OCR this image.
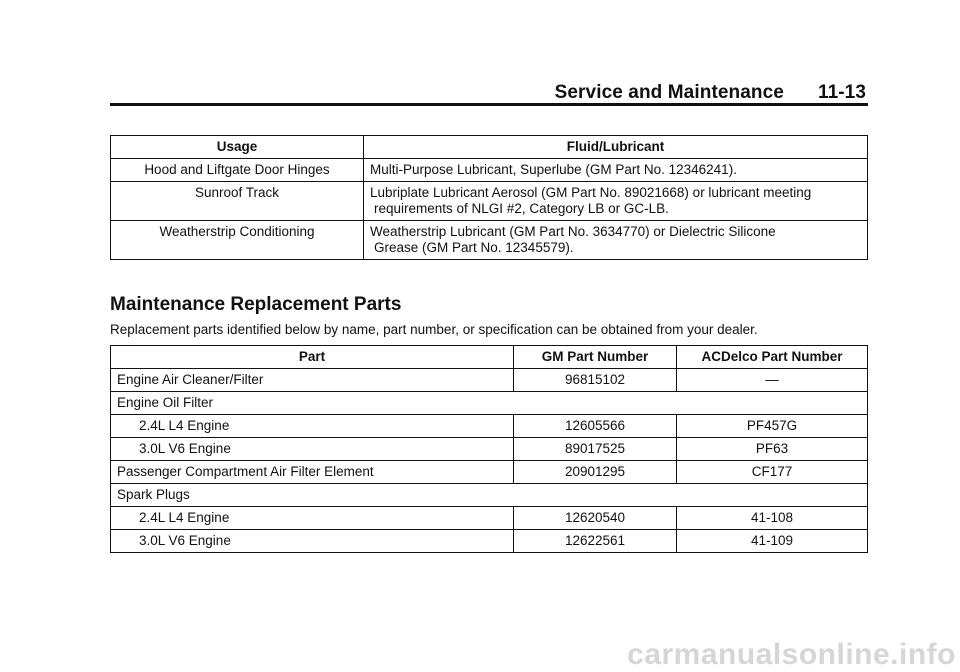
Service and Maintenance 11-13
Usage	Fluid/Lubricant
Hood and Liftgate Door Hinges	Multi-Purpose Lubricant, Superlube (GM Part No. 12346241).

Sunroof Track	Lubriplate Lubricant Aerosol (GM Part No. 89021668) or lubricant meeting
requirements of NLGI #2, Category LB or GC-LB.

Weatherstrip Conditioning	Weatherstrip Lubricant (GM Part No. 3634770) or Dielectric Silicone
Grease (GM Part No. 12345579).
Maintenance Replacement Parts
Replacement parts identified below by name, part number, or specification can be obtained from your dealer.
Part	GM Part Number	ACDelco Part Number
Engine Air Cleaner/Filter	96815102	—
Engine Oil Filter		
2.4L L4 Engine	12605566	PF457G
3.0L V6 Engine	89017525	PF63
Passenger Compartment Air Filter Element	20901295	CF177
Spark Plugs		
2.4L L4 Engine	12620540	41-108
3.0L V6 Engine	12622561	41-109
carmanualsonline.info
